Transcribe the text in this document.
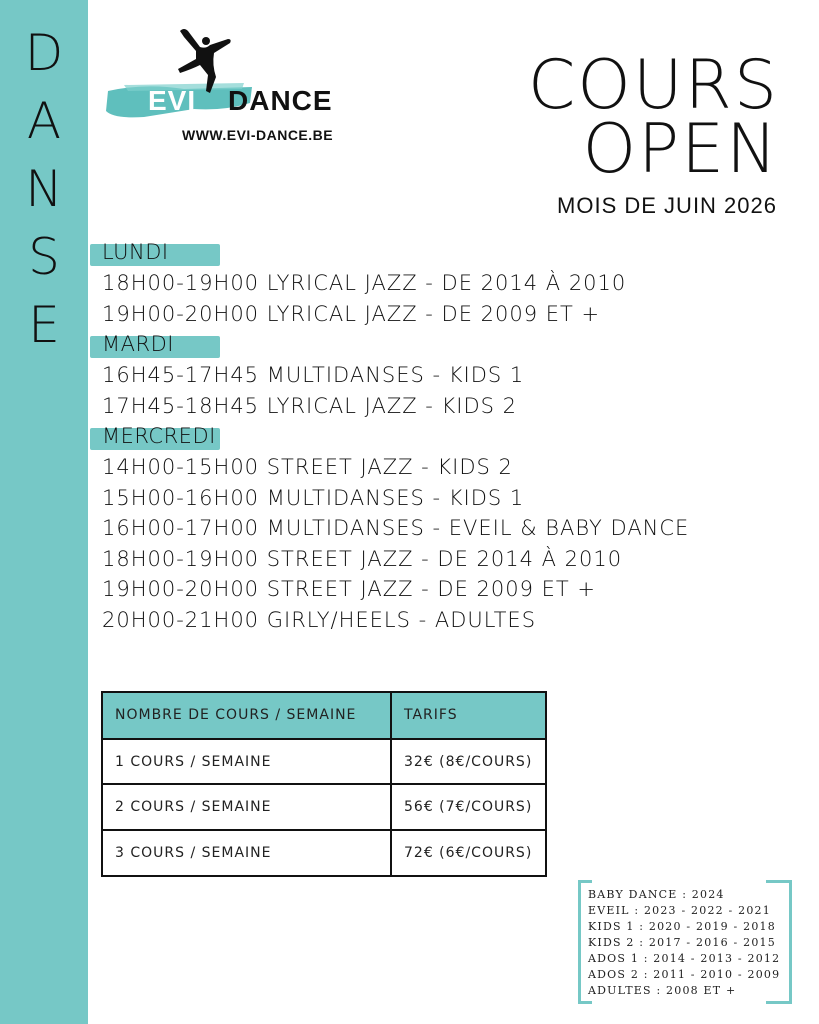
D
A
N
S
E
EVI DANCE
WWW.EVI-DANCE.BE
COURS
OPEN
MOIS DE JUIN 2026
LUNDI
18H00-19H00 LYRICAL JAZZ - DE 2014 À 2010
19H00-20H00 LYRICAL JAZZ - DE 2009 ET +
MARDI
16H45-17H45 MULTIDANSES - KIDS 1
17H45-18H45 LYRICAL JAZZ - KIDS 2
MERCREDI
14H00-15H00 STREET JAZZ - KIDS 2
15H00-16H00 MULTIDANSES - KIDS 1
16H00-17H00 MULTIDANSES - EVEIL & BABY DANCE
18H00-19H00 STREET JAZZ - DE 2014 À 2010
19H00-20H00 STREET JAZZ - DE 2009 ET +
20H00-21H00 GIRLY/HEELS - ADULTES
NOMBRE DE COURS / SEMAINE	TARIFS
1 COURS / SEMAINE	32€ (8€/COURS)
2 COURS / SEMAINE	56€ (7€/COURS)
3 COURS / SEMAINE	72€ (6€/COURS)
BABY DANCE : 2024
EVEIL : 2023 - 2022 - 2021
KIDS 1 : 2020 - 2019 - 2018
KIDS 2 : 2017 - 2016 - 2015
ADOS 1 : 2014 - 2013 - 2012
ADOS 2 : 2011 - 2010 - 2009
ADULTES : 2008 ET +
